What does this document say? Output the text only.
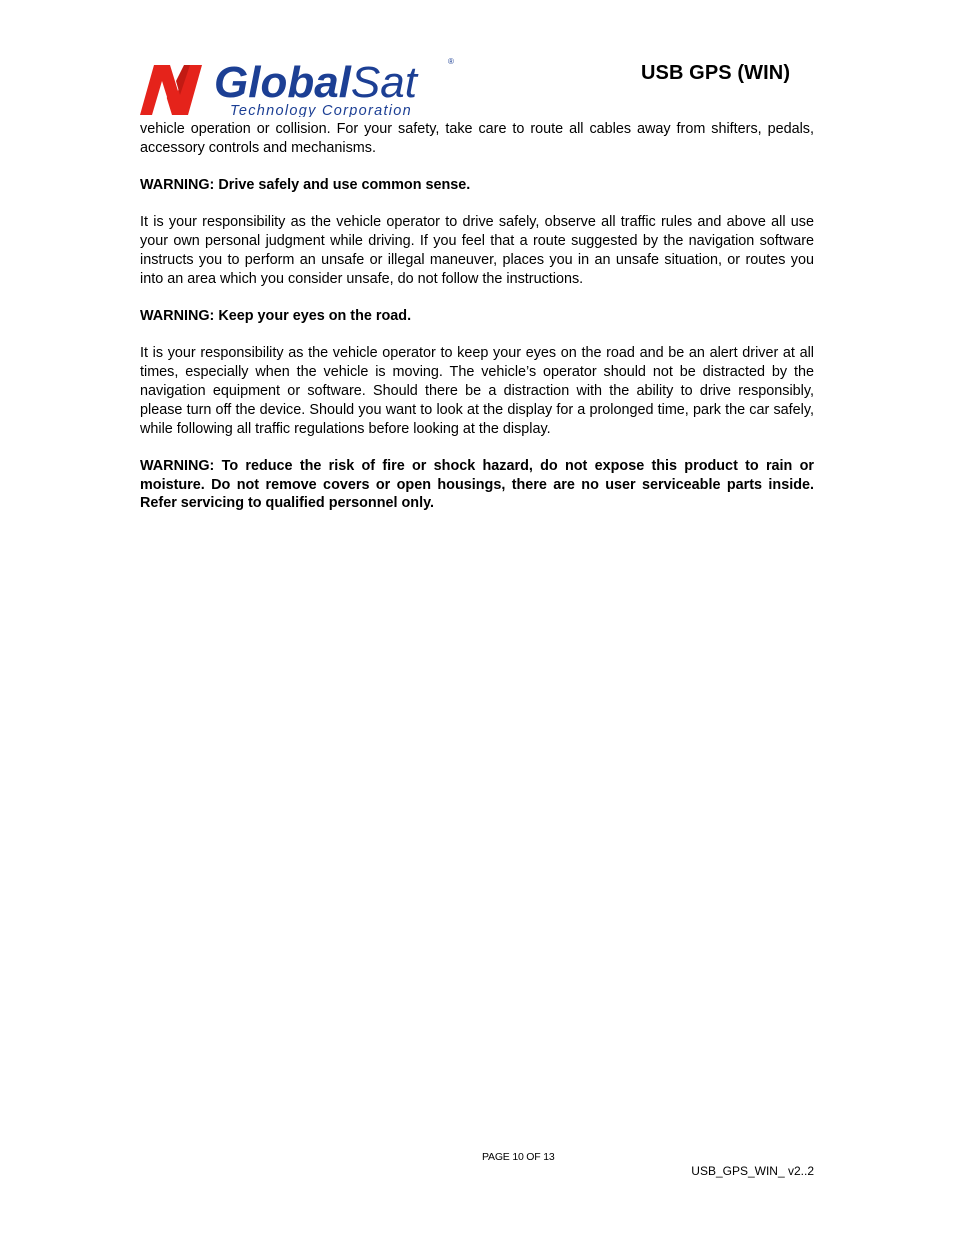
GlobalSat	®
Technology Corporation
USB GPS (WIN)

vehicle operation or collision. For your safety, take care to route all cables away from shifters, pedals, accessory controls and mechanisms.

WARNING: Drive safely and use common sense.

It is your responsibility as the vehicle operator to drive safely, observe all traffic rules and above all use your own personal judgment while driving. If you feel that a route suggested by the navigation software instructs you to perform an unsafe or illegal maneuver, places you in an unsafe situation, or routes you into an area which you consider unsafe, do not follow the instructions.

WARNING: Keep your eyes on the road.

It is your responsibility as the vehicle operator to keep your eyes on the road and be an alert driver at all times, especially when the vehicle is moving. The vehicle’s operator should not be distracted by the navigation equipment or software. Should there be a distraction with the ability to drive responsibly, please turn off the device. Should you want to look at the display for a prolonged time, park the car safely, while following all traffic regulations before looking at the display.

WARNING: To reduce the risk of fire or shock hazard, do not expose this product to rain or moisture. Do not remove covers or open housings, there are no user serviceable parts inside. Refer servicing to qualified personnel only.

PAGE 10 OF 13
USB_GPS_WIN_ v2..2
